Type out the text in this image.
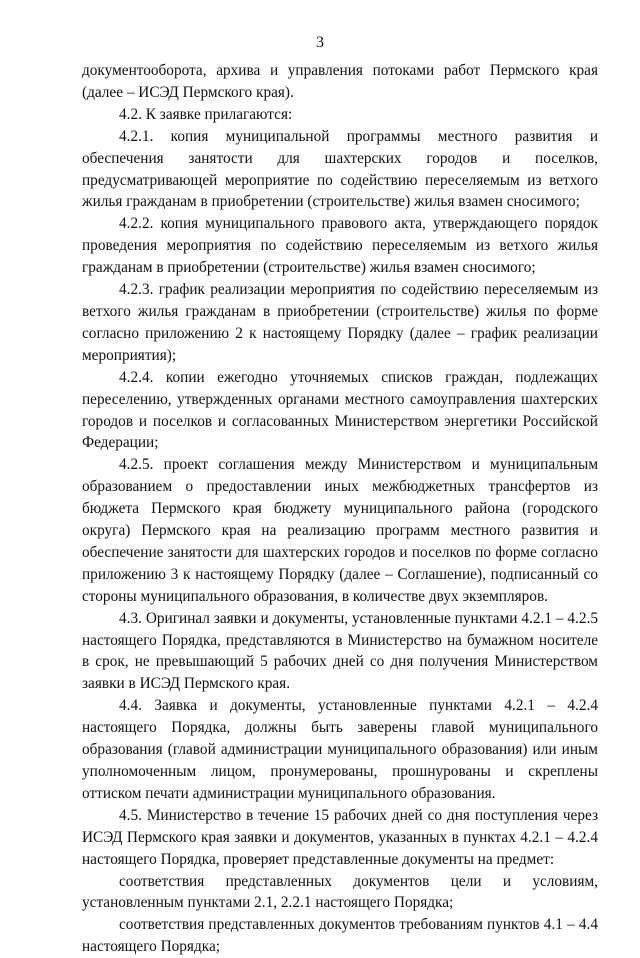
3

документооборота, архива и управления потоками работ Пермского края (далее – ИСЭД Пермского края).

4.2. К заявке прилагаются:

4.2.1. копия муниципальной программы местного развития и обеспечения занятости для шахтерских городов и поселков, предусматривающей мероприятие по содействию переселяемым из ветхого жилья гражданам в приобретении (строительстве) жилья взамен сносимого;

4.2.2. копия муниципального правового акта, утверждающего порядок проведения мероприятия по содействию переселяемым из ветхого жилья гражданам в приобретении (строительстве) жилья взамен сносимого;

4.2.3. график реализации мероприятия по содействию переселяемым из ветхого жилья гражданам в приобретении (строительстве) жилья по форме согласно приложению 2 к настоящему Порядку (далее – график реализации мероприятия);

4.2.4. копии ежегодно уточняемых списков граждан, подлежащих переселению, утвержденных органами местного самоуправления шахтерских городов и поселков и согласованных Министерством энергетики Российской Федерации;

4.2.5. проект соглашения между Министерством и муниципальным образованием о предоставлении иных межбюджетных трансфертов из бюджета Пермского края бюджету муниципального района (городского округа) Пермского края на реализацию программ местного развития и обеспечение занятости для шахтерских городов и поселков по форме согласно приложению 3 к настоящему Порядку (далее – Соглашение), подписанный со стороны муниципального образования, в количестве двух экземпляров.

4.3. Оригинал заявки и документы, установленные пунктами 4.2.1 – 4.2.5 настоящего Порядка, представляются в Министерство на бумажном носителе в срок, не превышающий 5 рабочих дней со дня получения Министерством заявки в ИСЭД Пермского края.

4.4. Заявка и документы, установленные пунктами 4.2.1 – 4.2.4 настоящего Порядка, должны быть заверены главой муниципального образования (главой администрации муниципального образования) или иным уполномоченным лицом, пронумерованы, прошнурованы и скреплены оттиском печати администрации муниципального образования.

4.5. Министерство в течение 15 рабочих дней со дня поступления через ИСЭД Пермского края заявки и документов, указанных в пунктах 4.2.1 – 4.2.4 настоящего Порядка, проверяет представленные документы на предмет:

соответствия представленных документов цели и условиям, установленным пунктами 2.1, 2.2.1 настоящего Порядка;

соответствия представленных документов требованиям пунктов 4.1 – 4.4 настоящего Порядка;
